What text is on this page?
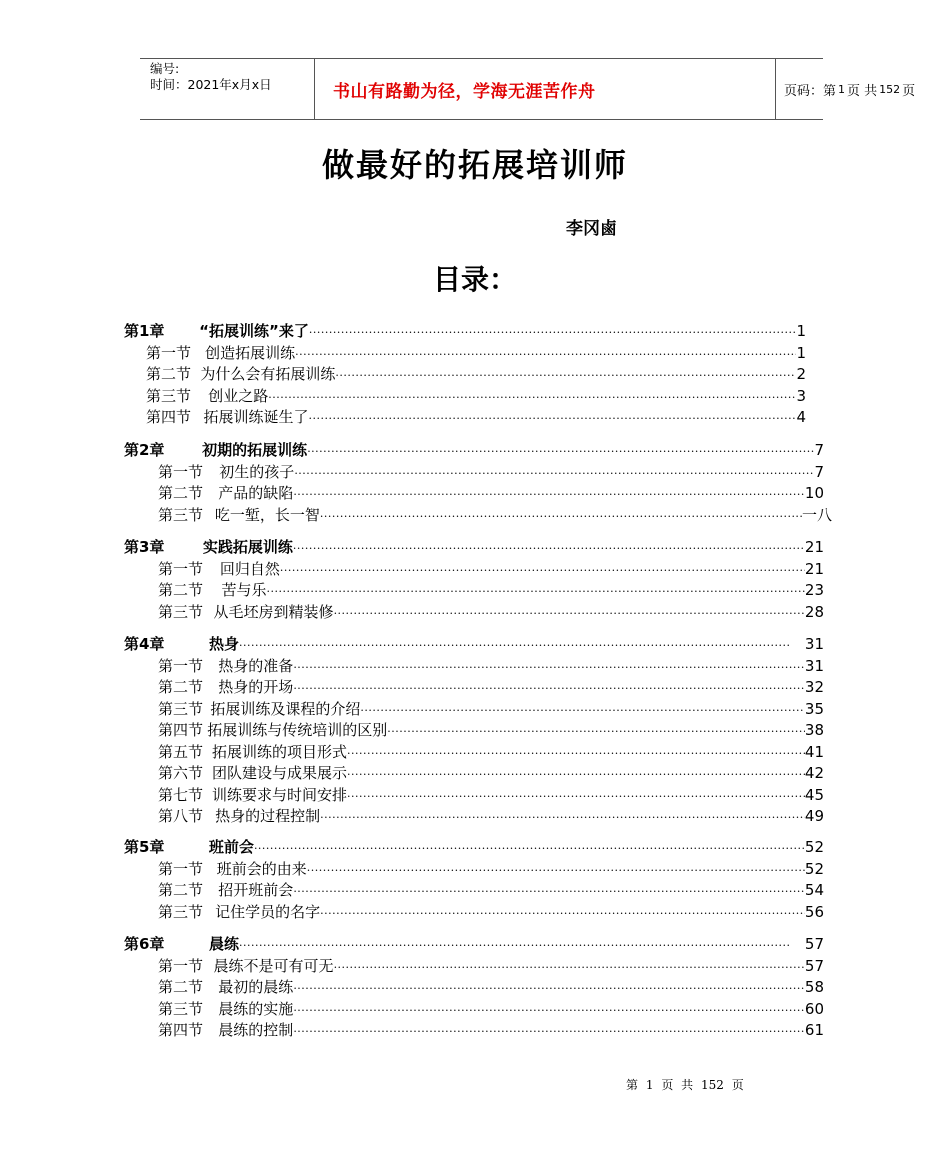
编号:
时间：2021年x月x日	书山有路勤为径，学海无涯苦作舟	页码：第 1 页 共 152 页
做最好的拓展培训师
李冈鹵
目录：
第1章	“拓展训练”来了 ·····	1
第一节 创造拓展训练 ·····	1
第二节 为什么会有拓展训练 ·····	2
第三节	创业之路 ·····	3
第四节 拓展训练诞生了 ·····	4
第2章	初期的拓展训练 ·····	7
第一节	初生的孩子 ·····	7
第二节	产品的缺陷 ·····	10
第三节 吃一堑，长一智 ·····	一八
第3章	实践拓展训练 ·····	21
第一节	回归自然 ·····	21
第二节	苦与乐 ·····	23
第三节 从毛坯房到精装修 ·····	28
第4章	热身 ·····	31
第一节	热身的准备 ·····	31
第二节	热身的开场 ·····	32
第三节 拓展训练及课程的介绍 ·····	35
第四节 拓展训练与传统培训的区别 ·····	38
第五节 拓展训练的项目形式 ·····	41
第六节 团队建设与成果展示 ·····	42
第七节 训练要求与时间安排 ·····	45
第八节 热身的过程控制 ·····	49
第5章	班前会 ·····	52
第一节 班前会的由来 ·····	52
第二节	招开班前会 ·····	54
第三节 记住学员的名字 ·····	56
第6章	晨练 ·····	57
第一节 晨练不是可有可无 ·····	57
第二节	最初的晨练 ·····	58
第三节	晨练的实施 ·····	60
第四节	晨练的控制 ·····	61
第 1 页 共 152 页
